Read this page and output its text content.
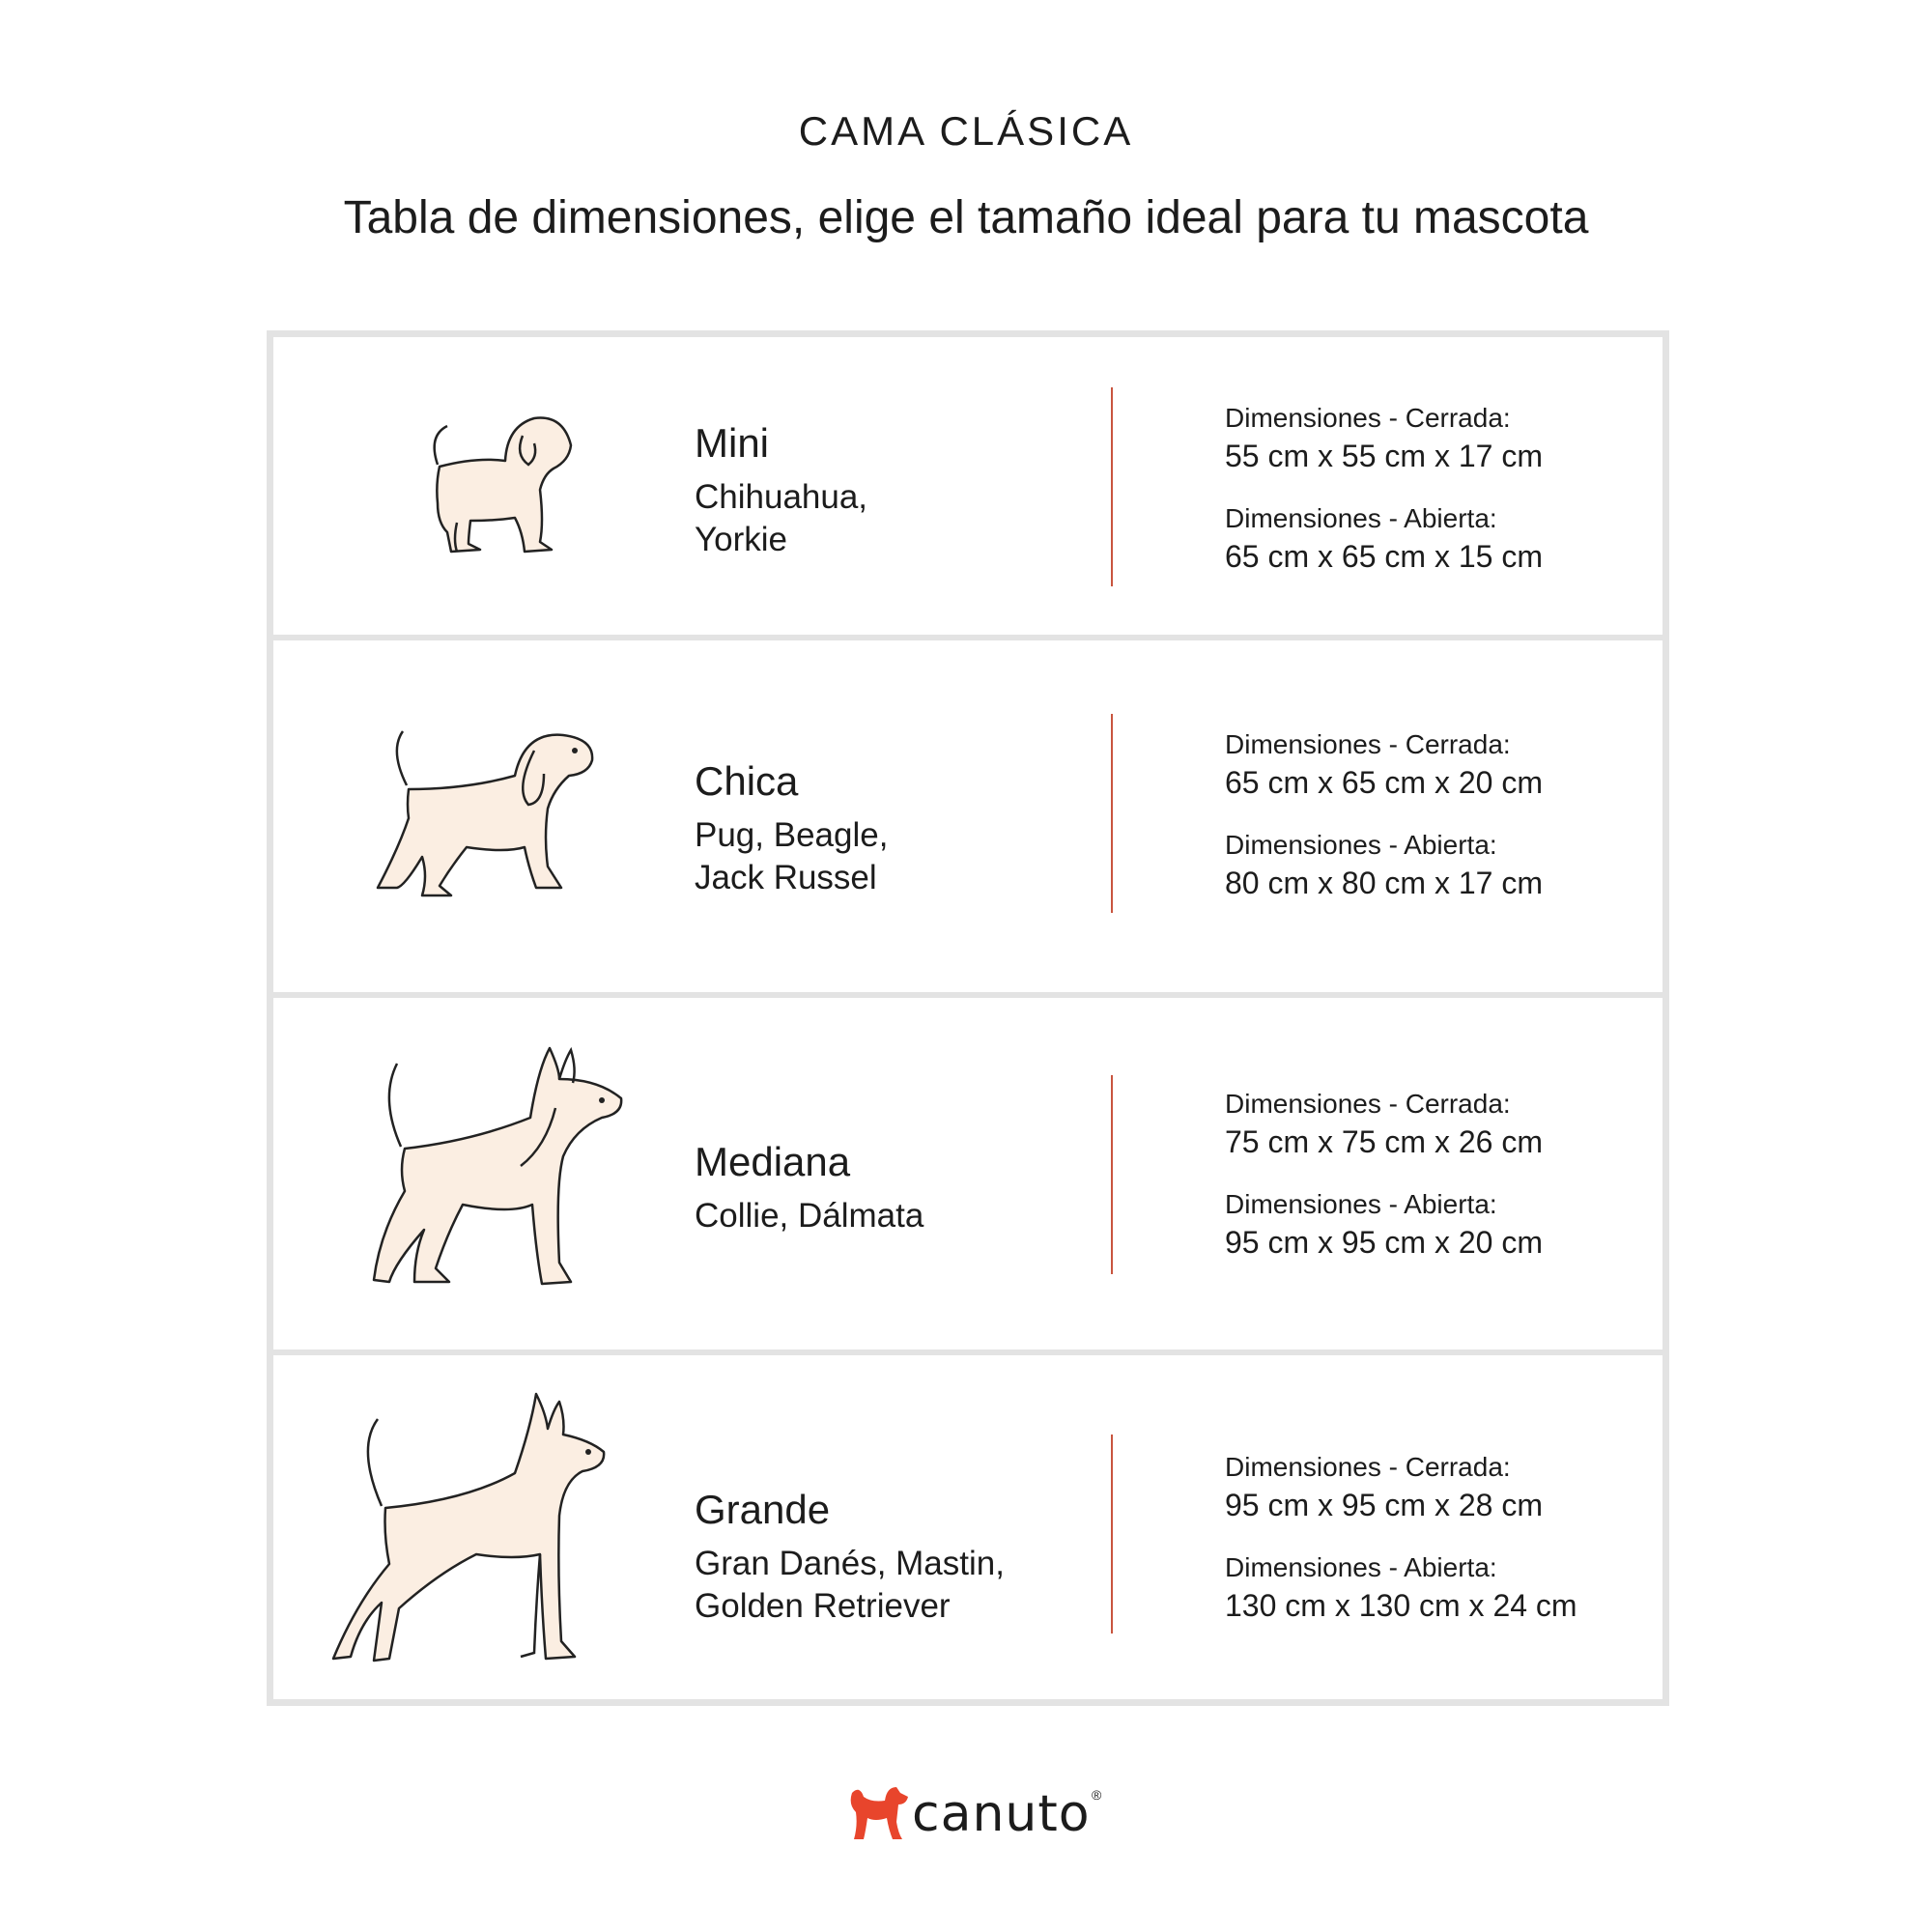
CAMA CLÁSICA
Tabla de dimensiones, elige el tamaño ideal para tu mascota
Mini
Chihuahua,
Yorkie
Dimensiones - Cerrada:
55 cm x 55 cm x 17 cm
Dimensiones - Abierta:
65 cm x 65 cm x 15 cm
Chica
Pug, Beagle,
Jack Russel
Dimensiones - Cerrada:
65 cm x 65 cm x 20 cm
Dimensiones - Abierta:
80 cm x 80 cm x 17 cm
Mediana
Collie, Dálmata
Dimensiones - Cerrada:
75 cm x 75 cm x 26 cm
Dimensiones - Abierta:
95 cm x 95 cm x 20 cm
Grande
Gran Danés, Mastin,
Golden Retriever
Dimensiones - Cerrada:
95 cm x 95 cm x 28 cm
Dimensiones - Abierta:
130 cm x 130 cm x 24 cm
canuto ®
